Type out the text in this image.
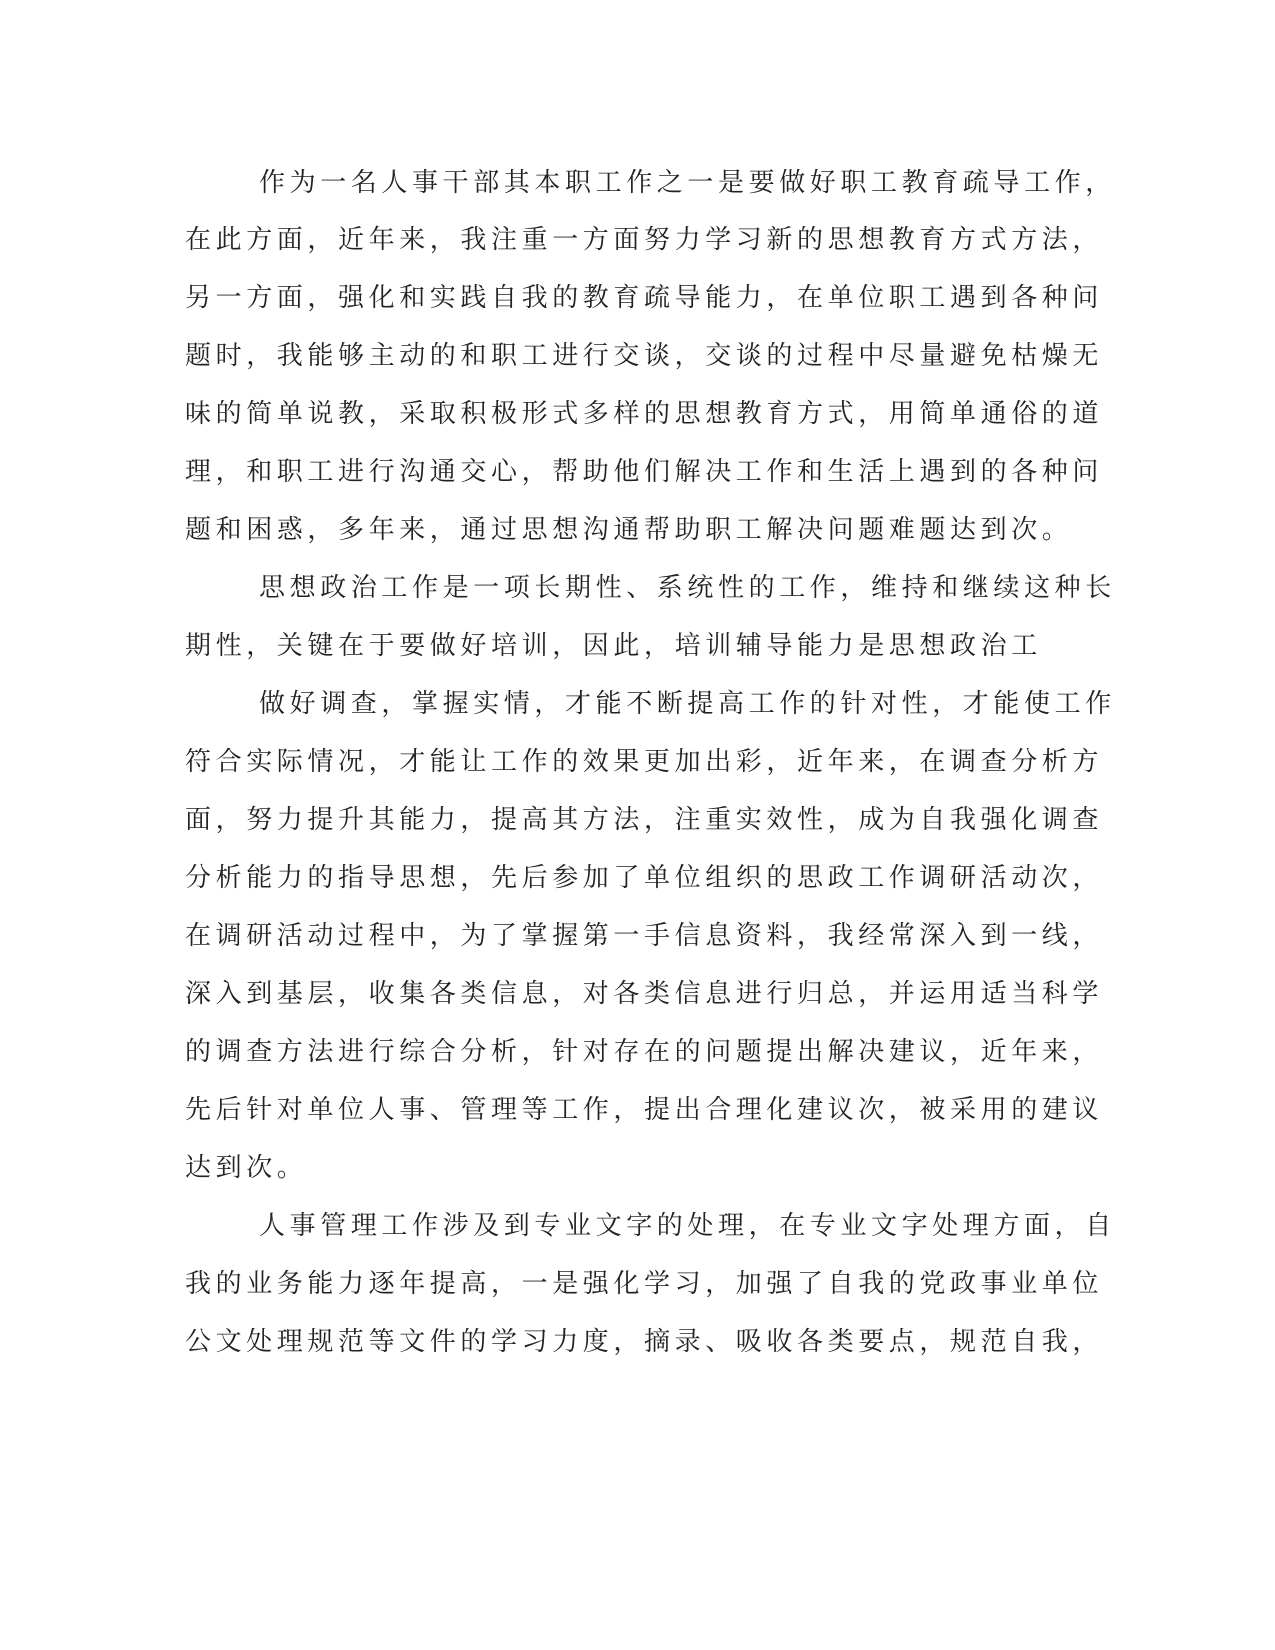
作为一名人事干部其本职工作之一是要做好职工教育疏导工作，
在此方面，近年来，我注重一方面努力学习新的思想教育方式方法，
另一方面，强化和实践自我的教育疏导能力，在单位职工遇到各种问
题时，我能够主动的和职工进行交谈，交谈的过程中尽量避免枯燥无
味的简单说教，采取积极形式多样的思想教育方式，用简单通俗的道
理，和职工进行沟通交心，帮助他们解决工作和生活上遇到的各种问
题和困惑，多年来，通过思想沟通帮助职工解决问题难题达到次。
思想政治工作是一项长期性、系统性的工作，维持和继续这种长
期性，关键在于要做好培训，因此，培训辅导能力是思想政治工
做好调查，掌握实情，才能不断提高工作的针对性，才能使工作
符合实际情况，才能让工作的效果更加出彩，近年来，在调查分析方
面，努力提升其能力，提高其方法，注重实效性，成为自我强化调查
分析能力的指导思想，先后参加了单位组织的思政工作调研活动次，
在调研活动过程中，为了掌握第一手信息资料，我经常深入到一线，
深入到基层，收集各类信息，对各类信息进行归总，并运用适当科学
的调查方法进行综合分析，针对存在的问题提出解决建议，近年来，
先后针对单位人事、管理等工作，提出合理化建议次，被采用的建议
达到次。
人事管理工作涉及到专业文字的处理，在专业文字处理方面，自
我的业务能力逐年提高，一是强化学习，加强了自我的党政事业单位
公文处理规范等文件的学习力度，摘录、吸收各类要点，规范自我，
